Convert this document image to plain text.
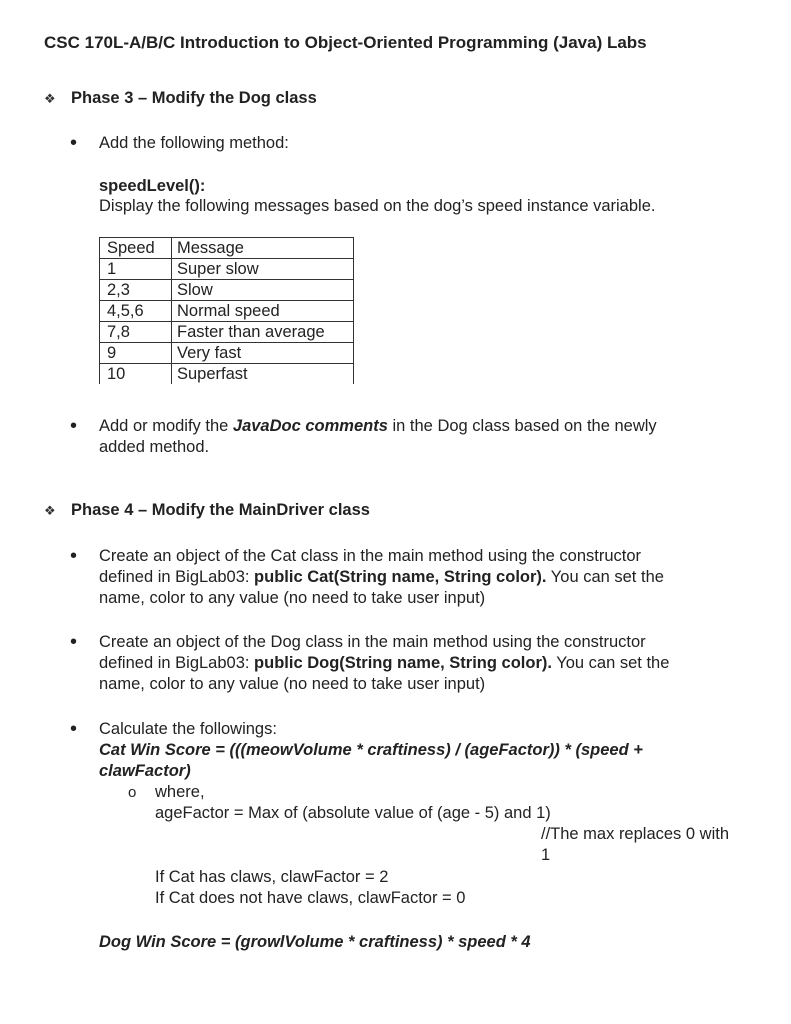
CSC 170L-A/B/C Introduction to Object-Oriented Programming (Java) Labs
❖ Phase 3 – Modify the Dog class
• Add the following method:
speedLevel():
Display the following messages based on the dog’s speed instance variable.
Speed	Message
1	Super slow
2,3	Slow
4,5,6	Normal speed
7,8	Faster than average
9	Very fast
10	Superfast
• Add or modify the JavaDoc comments in the Dog class based on the newly
added method.
❖ Phase 4 – Modify the MainDriver class
• Create an object of the Cat class in the main method using the constructor
defined in BigLab03: public Cat(String name, String color). You can set the
name, color to any value (no need to take user input)
• Create an object of the Dog class in the main method using the constructor
defined in BigLab03: public Dog(String name, String color). You can set the
name, color to any value (no need to take user input)
• Calculate the followings:
Cat Win Score = (((meowVolume * craftiness) / (ageFactor)) * (speed +
clawFactor)
o where,
ageFactor = Max of (absolute value of (age - 5) and 1)
//The max replaces 0 with
1
If Cat has claws, clawFactor = 2
If Cat does not have claws, clawFactor = 0
Dog Win Score = (growlVolume * craftiness) * speed * 4
